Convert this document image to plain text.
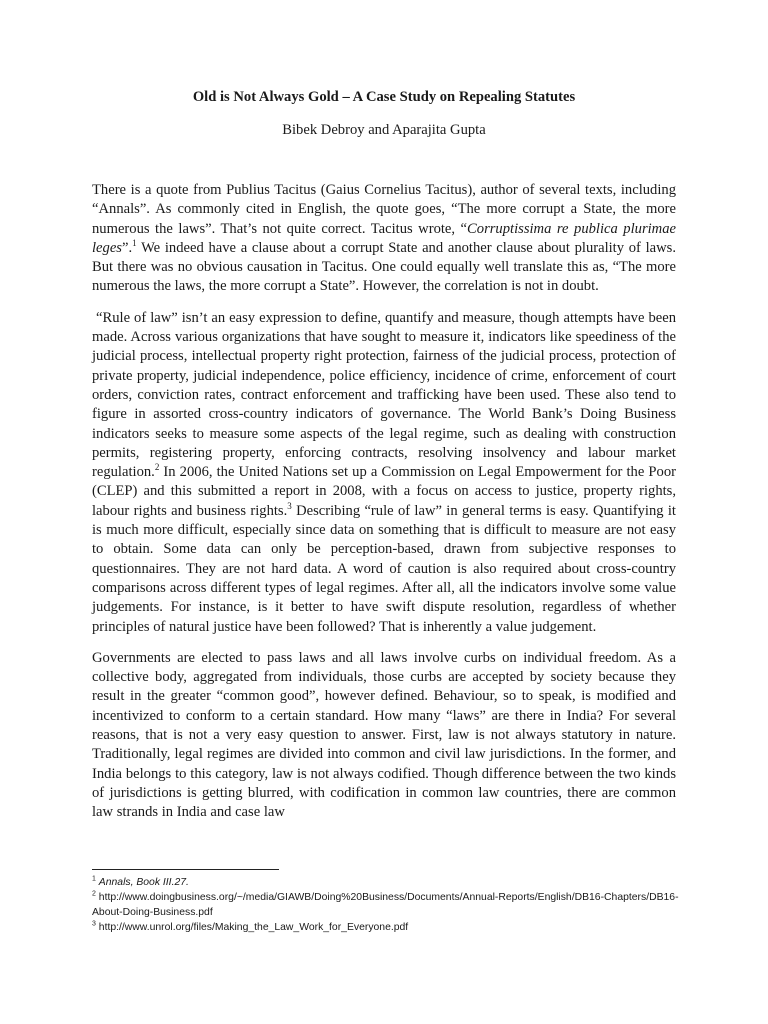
Old is Not Always Gold – A Case Study on Repealing Statutes

Bibek Debroy and Aparajita Gupta

There is a quote from Publius Tacitus (Gaius Cornelius Tacitus), author of several texts, including “Annals”. As commonly cited in English, the quote goes, “The more corrupt a State, the more numerous the laws”. That’s not quite correct. Tacitus wrote, “Corruptissima re publica plurimae leges”.$^1$ We indeed have a clause about a corrupt State and another clause about plurality of laws. But there was no obvious causation in Tacitus. One could equally well translate this as, “The more numerous the laws, the more corrupt a State”. However, the correlation is not in doubt.

“Rule of law” isn’t an easy expression to define, quantify and measure, though attempts have been made. Across various organizations that have sought to measure it, indicators like speediness of the judicial process, intellectual property right protection, fairness of the judicial process, protection of private property, judicial independence, police efficiency, incidence of crime, enforcement of court orders, conviction rates, contract enforcement and trafficking have been used. These also tend to figure in assorted cross-country indicators of governance. The World Bank’s Doing Business indicators seeks to measure some aspects of the legal regime, such as dealing with construction permits, registering property, enforcing contracts, resolving insolvency and labour market regulation.$^2$ In 2006, the United Nations set up a Commission on Legal Empowerment for the Poor (CLEP) and this submitted a report in 2008, with a focus on access to justice, property rights, labour rights and business rights.$^3$ Describing “rule of law” in general terms is easy. Quantifying it is much more difficult, especially since data on something that is difficult to measure are not easy to obtain. Some data can only be perception-based, drawn from subjective responses to questionnaires. They are not hard data. A word of caution is also required about cross-country comparisons across different types of legal regimes. After all, all the indicators involve some value judgements. For instance, is it better to have swift dispute resolution, regardless of whether principles of natural justice have been followed? That is inherently a value judgement.

Governments are elected to pass laws and all laws involve curbs on individual freedom. As a collective body, aggregated from individuals, those curbs are accepted by society because they result in the greater “common good”, however defined. Behaviour, so to speak, is modified and incentivized to conform to a certain standard. How many “laws” are there in India? For several reasons, that is not a very easy question to answer. First, law is not always statutory in nature. Traditionally, legal regimes are divided into common and civil law jurisdictions. In the former, and India belongs to this category, law is not always codified. Though difference between the two kinds of jurisdictions is getting blurred, with codification in common law countries, there are common law strands in India and case law

$^1$ Annals, Book III.27.

$^2$ http://www.doingbusiness.org/~/media/GIAWB/Doing%20Business/Documents/Annual-Reports/English/DB16-Chapters/DB16-About-Doing-Business.pdf

$^3$ http://www.unrol.org/files/Making_the_Law_Work_for_Everyone.pdf
